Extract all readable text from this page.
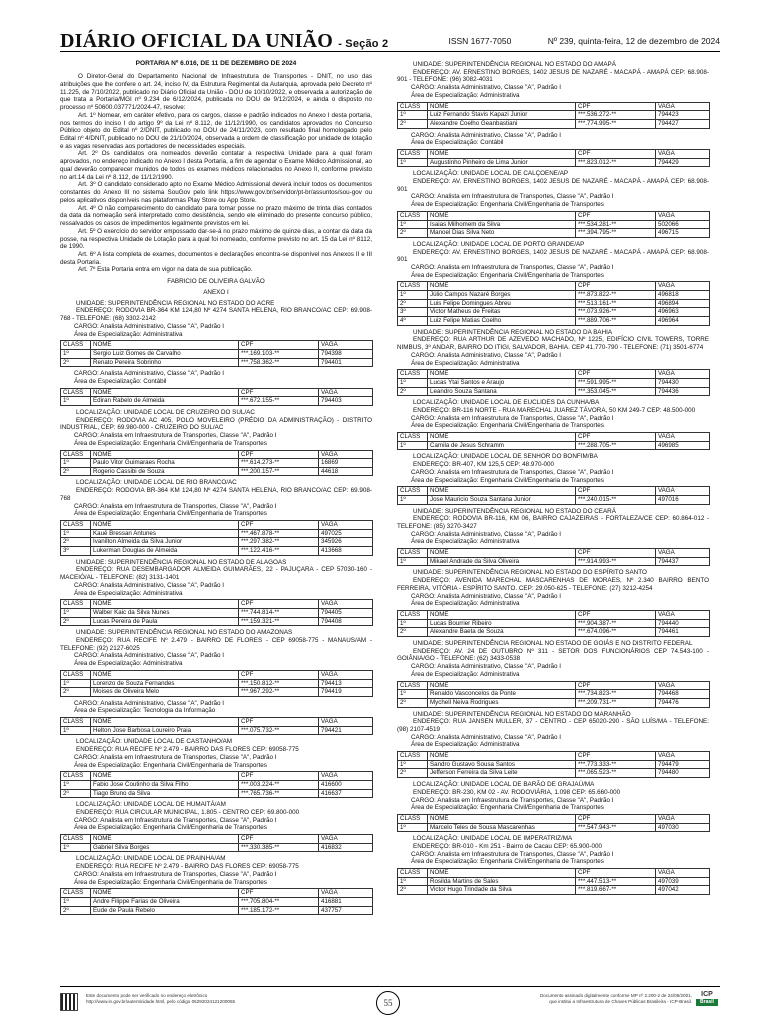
DIÁRIO OFICIAL DA UNIÃO - Seção 2	ISSN 1677-7050	Nº 239, quinta-feira, 12 de dezembro de 2024
PORTARIA Nº 6.016, DE 11 DE DEZEMBRO DE 2024
O Diretor-Geral do Departamento Nacional de Infraestrutura de Transportes - DNIT, no uso das atribuições que lhe confere o art. 24, inciso IV, da Estrutura Regimental da Autarquia, aprovada pelo Decreto nº 11.225, de 7/10/2022, publicado no Diário Oficial da União - DOU de 10/10/2022, e observada a autorização de que trata a Portaria/MGI nº 9.234 de 6/12/2024, publicada no DOU de 9/12/2024, e ainda o disposto no processo nº 50600.037771/2024-47, resolve:
Art. 1º Nomear, em caráter efetivo, para os cargos, classe e padrão indicados no Anexo I desta portaria, nos termos do inciso I do artigo 9º da Lei nº 8.112, de 11/12/1990, os candidatos aprovados no Concurso Público objeto do Edital nº 2/DNIT, publicado no DOU de 24/11/2023, com resultado final homologado pelo Edital nº 4/DNIT, publicado no DOU de 21/10/2024, observada a ordem de classificação por unidade de lotação e as vagas reservadas aos portadores de necessidades especiais.
Art. 2º Os candidatos ora nomeados deverão contatar a respectiva Unidade para a qual foram aprovados, no endereço indicado no Anexo I desta Portaria, a fim de agendar o Exame Médico Admissional, ao qual deverão comparecer munidos de todos os exames médicos relacionados no Anexo II, conforme previsto no art.14 da Lei nº 8.112, de 11/12/1990.
Art. 3º O candidato considerado apto no Exame Médico Admissional deverá incluir todos os documentos constantes do Anexo III no sistema SouGov pelo link https://www.gov.br/servidor/pt-br/assuntos/sou-gov ou pelos aplicativos disponíveis nas plataformas Play Store ou App Store.
Art. 4º O não comparecimento do candidato para tomar posse no prazo máximo de trinta dias contados da data da nomeação será interpretado como desistência, sendo ele eliminado do presente concurso público, ressalvados os casos de impedimentos legalmente previstos em lei.
Art. 5º O exercício do servidor empossado dar-se-á no prazo máximo de quinze dias, a contar da data da posse, na respectiva Unidade de Lotação para a qual foi nomeado, conforme previsto no art. 15 da Lei nº 8112, de 1990.
Art. 6º A lista completa de exames, documentos e declarações encontra-se disponível nos Anexos II e III desta Portaria.
Art. 7º Esta Portaria entra em vigor na data de sua publicação.
FABRICIO DE OLIVEIRA GALVÃO
ANEXO I
UNIDADE: SUPERINTENDÊNCIA REGIONAL NO ESTADO DO ACRE
ENDEREÇO: RODOVIA BR-364 KM 124,80 Nº 4274 SANTA HELENA, RIO BRANCO/AC CEP: 69.908-768 - TELEFONE: (68) 3302-2142
CARGO: Analista Administrativo, Classe "A", Padrão I
Área de Especialização: Administrativa
CLASS	NOME	CPF	VAGA
1º	Sergio Luiz Gomes de Carvalho	***.169.103-**	794398
2º	Renato Pereira Sobrinho	***.758.362-**	794401
CARGO: Analista Administrativo, Classe "A", Padrão I
Área de Especialização: Contábil
CLASS	NOME	CPF	VAGA
1º	Ediran Rabelo de Almeida	***.672.155-**	794403
LOCALIZAÇÃO: UNIDADE LOCAL DE CRUZEIRO DO SUL/AC
ENDEREÇO: RODOVIA AC 405, POLO MOVELEIRO (PRÉDIO DA ADMINISTRAÇÃO) - DISTRITO INDUSTRIAL, CEP: 69.980-000 - CRUZEIRO DO SUL/AC
CARGO: Analista em Infraestrutura de Transportes, Classe "A", Padrão I
Área de Especialização: Engenharia Civil/Engenharia de Transportes
CLASS	NOME	CPF	VAGA
1º	Paulo Vitor Guimaraes Rocha	***.614.273-**	16869
2º	Rogerio Cassibi de Souza	***.200.157-**	44618
LOCALIZAÇÃO: UNIDADE LOCAL DE RIO BRANCO/AC
ENDEREÇO: RODOVIA BR-364 KM 124,80 Nº 4274 SANTA HELENA, RIO BRANCO/AC CEP: 69.908-768
CARGO: Analista em Infraestrutura de Transportes, Classe "A", Padrão I
Área de Especialização: Engenharia Civil/Engenharia de Transportes
CLASS	NOME	CPF	VAGA
1º	Kauê Bressan Antunes	***.467.878-**	497025
2º	Ivanilton Almeida da Silva Junior	***.297.382-**	345926
3º	Lukerman Douglas de Almeida	***.122.416-**	413668
UNIDADE: SUPERINTENDÊNCIA REGIONAL NO ESTADO DE ALAGOAS
ENDEREÇO: RUA DESEMBARGADOR ALMEIDA GUIMARÃES, 22 - PAJUÇARA - CEP 57030-160 - MACEIÓ/AL - TELEFONE: (82) 3131-1401
CARGO: Analista Administrativo, Classe "A", Padrão I
Área de Especialização: Administrativa
CLASS	NOME	CPF	VAGA
1º	Walber Kaic da Silva Nunes	***.744.814-**	794405
2º	Lucas Pereira de Paula	***.159.321-**	794408
UNIDADE: SUPERINTENDÊNCIA REGIONAL NO ESTADO DO AMAZONAS
ENDEREÇO: RUA RECIFE Nº 2.479 - BAIRRO DE FLORES - CEP 69058-775 - MANAUS/AM - TELEFONE: (92) 2127-6025
CARGO: Analista Administrativo, Classe "A", Padrão I
Área de Especialização: Administrativa
CLASS	NOME	CPF	VAGA
1º	Lorenzo de Souza Fernandes	***.150.812-**	794413
2º	Moises de Oliveira Melo	***.967.292-**	794419
CARGO: Analista Administrativo, Classe "A", Padrão I
Área de Especialização: Tecnologia da Informação
CLASS	NOME	CPF	VAGA
1º	Helton Jose Barbosa Loureiro Praia	***.075.732-**	794421
LOCALIZAÇÃO: UNIDADE LOCAL DE CASTANHO/AM
ENDEREÇO: RUA RECIFE Nº 2.479 - BAIRRO DAS FLORES CEP: 69058-775
CARGO: Analista em Infraestrutura de Transportes, Classe "A", Padrão I
Área de Especialização: Engenharia Civil/Engenharia de Transportes
CLASS	NOME	CPF	VAGA
1º	Fabio Jose Coutinho da Silva Filho	***.003.224-**	416600
2º	Tiago Bruno da Silva	***.765.736-**	416637
LOCALIZAÇÃO: UNIDADE LOCAL DE HUMAITÁ/AM
ENDEREÇO: RUA CIRCULAR MUNICIPAL, 1.805 - CENTRO CEP: 69.800-000
CARGO: Analista em Infraestrutura de Transportes, Classe "A", Padrão I
Área de Especialização: Engenharia Civil/Engenharia de Transportes
CLASS	NOME	CPF	VAGA
1º	Gabriel Silva Borges	***.330.385-**	416832
LOCALIZAÇÃO: UNIDADE LOCAL DE PRAINHA/AM
ENDEREÇO: RUA RECIFE Nº 2.479 - BAIRRO DAS FLORES CEP: 69058-775
CARGO: Analista em Infraestrutura de Transportes, Classe "A", Padrão I
Área de Especialização: Engenharia Civil/Engenharia de Transportes
CLASS	NOME	CPF	VAGA
1º	Andre Filippe Farias de Oliveira	***.705.804-**	416881
2º	Eude de Paula Rebelo	***.185.172-**	437757
UNIDADE: SUPERINTENDÊNCIA REGIONAL NO ESTADO DO AMAPÁ
ENDEREÇO: AV. ERNESTINO BORGES, 1402 JESUS DE NAZARÉ - MACAPÁ - AMAPÁ CEP: 68.908-901 - TELEFONE: (96) 3082-4031
CARGO: Analista Administrativo, Classe "A", Padrão I
Área de Especialização: Administrativa
CLASS	NOME	CPF	VAGA
1º	Luiz Fernando Stavis Kapazi Junior	***.536.272-**	794423
2º	Alexandre Coelho Geanbastiani	***.774.995-**	794427
CARGO: Analista Administrativo, Classe "A", Padrão I
Área de Especialização: Contábil
CLASS	NOME	CPF	VAGA
1º	Augustinho Pinheiro de Lima Junior	***.823.012-**	794429
LOCALIZAÇÃO: UNIDADE LOCAL DE CALÇOENE/AP
ENDEREÇO: AV. ERNESTINO BORGES, 1402 JESUS DE NAZARÉ - MACAPÁ - AMAPÁ CEP: 68.908-901
CARGO: Analista em Infraestrutura de Transportes, Classe "A", Padrão I
Área de Especialização: Engenharia Civil/Engenharia de Transportes
CLASS	NOME	CPF	VAGA
1º	Isaias Milhomem da Silva	***.534.281-**	502066
2º	Manoel Dias Silva Neto	***.394.795-**	496715
LOCALIZAÇÃO: UNIDADE LOCAL DE PORTO GRANDE/AP
ENDEREÇO: AV. ERNESTINO BORGES, 1402 JESUS DE NAZARÉ - MACAPÁ - AMAPÁ CEP: 68.908-901
CARGO: Analista em Infraestrutura de Transportes, Classe "A", Padrão I
Área de Especialização: Engenharia Civil/Engenharia de Transportes
CLASS	NOME	CPF	VAGA
1º	Júlio Campos Nazaré Borges	***.873.822-**	496818
2º	Luis Felipe Domingues Abreu	***.513.161-**	496894
3º	Victor Matheus de Freitas	***.073.926-**	496963
4º	Luiz Felipe Matias Coelho	***.889.706-**	496964
UNIDADE: SUPERINTENDÊNCIA REGIONAL NO ESTADO DA BAHIA
ENDEREÇO: RUA ARTHUR DE AZEVEDO MACHADO, Nº 1225, EDIFÍCIO CIVIL TOWERS, TORRE NIMBUS, 3º ANDAR, BAIRRO DO ITIGI, SALVADOR, BAHIA. CEP 41.770-790 - TELEFONE: (71) 3501-6774
CARGO: Analista Administrativo, Classe "A", Padrão I
Área de Especialização: Administrativa
CLASS	NOME	CPF	VAGA
1º	Lucas Ytai Santos e Araujo	***.591.995-**	794430
2º	Leandro Souza Santana	***.353.045-**	794436
LOCALIZAÇÃO: UNIDADE LOCAL DE EUCLIDES DA CUNHA/BA
ENDEREÇO: BR-116 NORTE - RUA MARECHAL JUAREZ TÁVORA, 50 KM 249-7 CEP: 48.500-000
CARGO: Analista em Infraestrutura de Transportes, Classe "A", Padrão I
Área de Especialização: Engenharia Civil/Engenharia de Transportes
CLASS	NOME	CPF	VAGA
1º	Camila de Jesus Schramm	***.288.705-**	496985
LOCALIZAÇÃO: UNIDADE LOCAL DE SENHOR DO BONFIM/BA
ENDEREÇO: BR-407, KM 125,5 CEP: 48.970-000
CARGO: Analista em Infraestrutura de Transportes, Classe "A", Padrão I
Área de Especialização: Engenharia Civil/Engenharia de Transportes
CLASS	NOME	CPF	VAGA
1º	Jose Mauricio Souza Santana Junior	***.240.015-**	497016
UNIDADE: SUPERINTENDÊNCIA REGIONAL NO ESTADO DO CEARÁ
ENDEREÇO: RODOVIA BR-116, KM 06, BAIRRO CAJAZEIRAS - FORTALEZA/CE CEP: 60.864-012 - TELEFONE: (85) 3270-3427
CARGO: Analista Administrativo, Classe "A", Padrão I
Área de Especialização: Administrativa
CLASS	NOME	CPF	VAGA
1º	Mikael Andrade da Silva Oliveira	***.914.993-**	794437
UNIDADE: SUPERINTENDÊNCIA REGIONAL NO ESTADO DO ESPÍRITO SANTO
ENDEREÇO: AVENIDA MARECHAL MASCARENHAS DE MORAES, Nº 2.340 BAIRRO BENTO FERREIRA, VITÓRIA - ESPÍRITO SANTO. CEP: 29.050-625 - TELEFONE: (27) 3212-4254
CARGO: Analista Administrativo, Classe "A", Padrão I
Área de Especialização: Administrativa
CLASS	NOME	CPF	VAGA
1º	Lucas Bourrier Ribeiro	***.904.387-**	794440
2º	Alexandre Baeta de Souza	***.674.096-**	794461
UNIDADE: SUPERINTENDÊNCIA REGIONAL NO ESTADO DE GOIÁS E NO DISTRITO FEDERAL
ENDEREÇO: AV. 24 DE OUTUBRO Nº 311 - SETOR DOS FUNCIONÁRIOS CEP 74.543-100 - GOIÂNIA/GO - TELEFONE: (62) 3433-0538
CARGO: Analista Administrativo, Classe "A", Padrão I
Área de Especialização: Administrativa
CLASS	NOME	CPF	VAGA
1º	Renaldo Vasconcelos da Ponte	***.734.823-**	794468
2º	Mychell Neiva Rodrigues	***.209.731-**	794476
UNIDADE: SUPERINTENDÊNCIA REGIONAL NO ESTADO DO MARANHÃO
ENDEREÇO: RUA JANSEN MULLER, 37 - CENTRO - CEP 65020-290 - SÃO LUÍS/MA - TELEFONE: (98) 2107-4519
CARGO: Analista Administrativo, Classe "A", Padrão I
Área de Especialização: Administrativa
CLASS	NOME	CPF	VAGA
1º	Sandro Gustavo Sousa Santos	***.773.333-**	794479
2º	Jefferson Ferreira da Silva Leite	***.065.523-**	794480
LOCALIZAÇÃO: UNIDADE LOCAL DE BARÃO DE GRAJAÚ/MA
ENDEREÇO: BR-230, KM 02 - AV. RODOVIÁRIA, 1.098 CEP: 65.660-000
CARGO: Analista em Infraestrutura de Transportes, Classe "A", Padrão I
Área de Especialização: Engenharia Civil/Engenharia de Transportes
CLASS	NOME	CPF	VAGA
1º	Marcelo Teles de Sousa Mascarenhas	***.547.943-**	497030
LOCALIZAÇÃO: UNIDADE LOCAL DE IMPERATRIZ/MA
ENDEREÇO: BR-010 - Km 251 - Bairro de Cacau CEP: 65.900-000
CARGO: Analista em Infraestrutura de Transportes, Classe "A", Padrão I
Área de Especialização: Engenharia Civil/Engenharia de Transportes
CLASS	NOME	CPF	VAGA
1º	Rosilda Martins de Sales	***.447.513-**	497039
2º	Victor Hugo Trindade da Silva	***.819.667-**	497042
Este documento pode ser verificado no endereço eletrônico
http://www.in.gov.br/autenticidade.html, pelo código 05292024121200055	55
Documento assinado digitalmente conforme MP nº 2.200-2 de 24/08/2001,
que institui a Infraestrutura de Chaves Públicas Brasileira - ICP-Brasil.
ICP
Brasil
